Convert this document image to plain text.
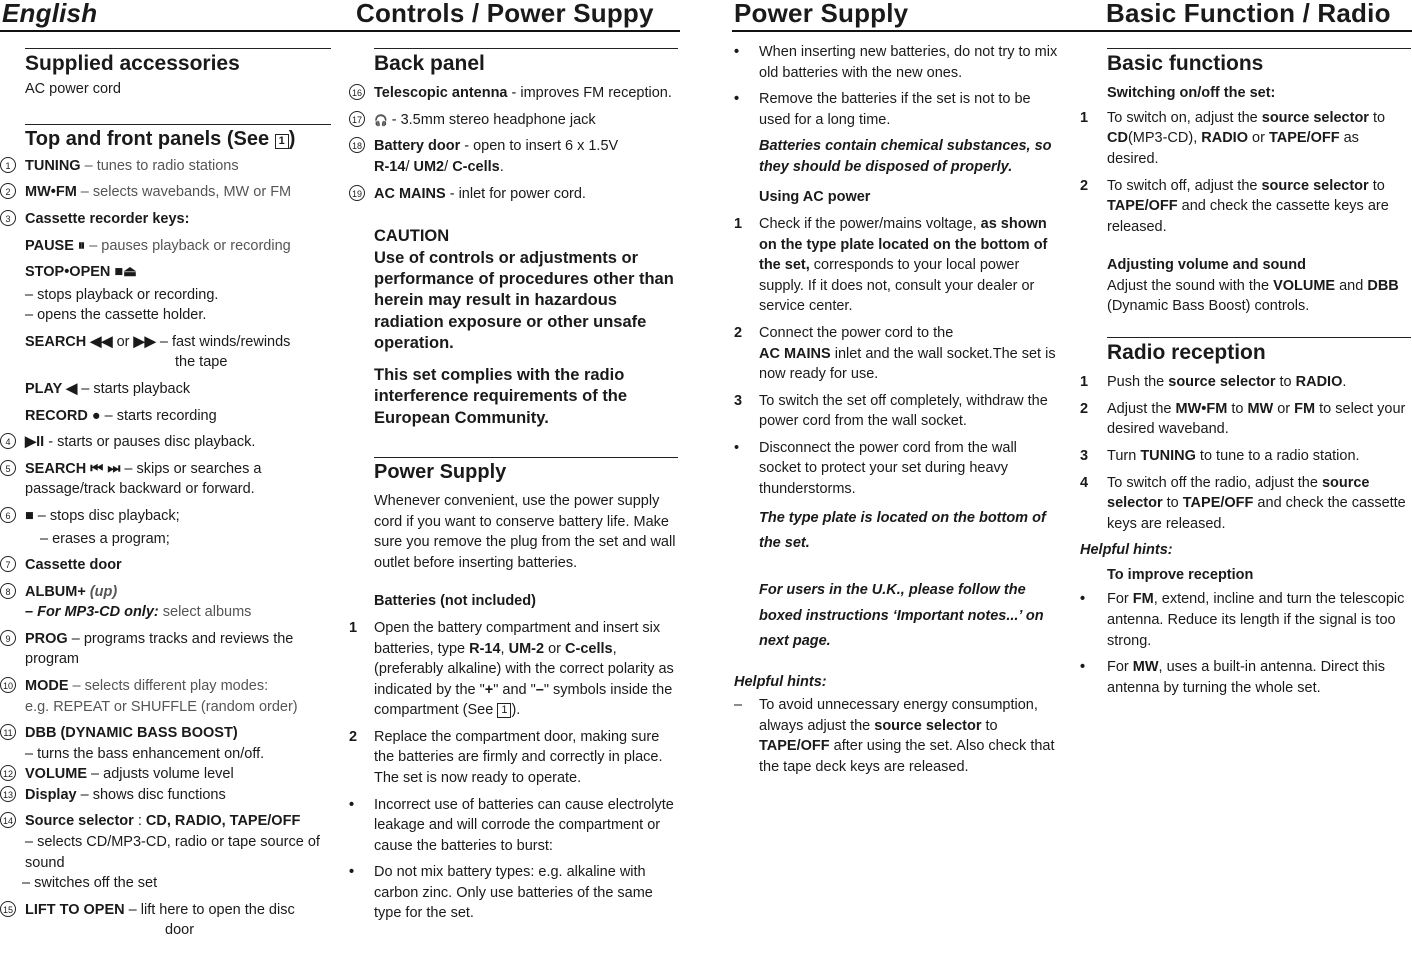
English	Controls / Power Suppy	Power Supply	Basic Function / Radio
Supplied accessories
AC power cord
Top and front panels (See 1 )
1	TUNING – tunes to radio stations
2	MW•FM – selects wavebands, MW or FM
3	Cassette recorder keys:
PAUSE ⏸ – pauses playback or recording
STOP•OPEN ■⏏
– stops playback or recording.
– opens the cassette holder.
SEARCH ◀◀ or ▶▶ – fast winds/rewinds
the tape
PLAY ◀ – starts playback
RECORD ● – starts recording
4	▶II - starts or pauses disc playback.
5	SEARCH ⏮ ⏭ – skips or searches a passage/track backward or forward.
6	■ – stops disc playback;
– erases a program;
7	Cassette door
8	ALBUM+ (up)
– For MP3-CD only: select albums
9	PROG – programs tracks and reviews the program
10 MODE – selects different play modes:
e.g. REPEAT or SHUFFLE (random order)
11 DBB (DYNAMIC BASS BOOST)
– turns the bass enhancement on/off.
12 VOLUME – adjusts volume level
13 Display – shows disc functions
14 Source selector : CD, RADIO, TAPE/OFF
– selects CD/MP3-CD, radio or tape source of sound
– switches off the set
15 LIFT TO OPEN – lift here to open the disc
door
Back panel
16 Telescopic antenna - improves FM reception.
17 🎧 - 3.5mm stereo headphone jack
18 Battery door - open to insert 6 x 1.5V
R-14/ UM2/ C-cells.
19 AC MAINS - inlet for power cord.
CAUTION
Use of controls or adjustments or performance of procedures other than herein may result in hazardous radiation exposure or other unsafe operation.
This set complies with the radio interference requirements of the European Community.
Power Supply
Whenever convenient, use the power supply cord if you want to conserve battery life. Make sure you remove the plug from the set and wall outlet before inserting batteries.
Batteries (not included)
1 Open the battery compartment and insert six batteries, type R-14, UM-2 or C-cells, (preferably alkaline) with the correct polarity as indicated by the "+" and "–" symbols inside the compartment (See 1 ).
2 Replace the compartment door, making sure the batteries are firmly and correctly in place. The set is now ready to operate.
• Incorrect use of batteries can cause electrolyte leakage and will corrode the compartment or cause the batteries to burst:
• Do not mix battery types: e.g. alkaline with carbon zinc. Only use batteries of the same type for the set.
• When inserting new batteries, do not try to mix old batteries with the new ones.
• Remove the batteries if the set is not to be used for a long time.
Batteries contain chemical substances, so they should be disposed of properly.
Using AC power
1 Check if the power/mains voltage, as shown on the type plate located on the bottom of the set, corresponds to your local power supply. If it does not, consult your dealer or service center.
2 Connect the power cord to the
AC MAINS inlet and the wall socket.The set is now ready for use.
3 To switch the set off completely, withdraw the power cord from the wall socket.
• Disconnect the power cord from the wall socket to protect your set during heavy thunderstorms.
The type plate is located on the bottom of the set.
For users in the U.K., please follow the boxed instructions ‘Important notes...’ on next page.
Helpful hints:
– To avoid unnecessary energy consumption, always adjust the source selector to TAPE/OFF after using the set. Also check that the tape deck keys are released.
Basic functions
Switching on/off the set:
1 To switch on, adjust the source selector to CD(MP3-CD), RADIO or TAPE/OFF as desired.
2 To switch off, adjust the source selector to TAPE/OFF and check the cassette keys are released.
Adjusting volume and sound
Adjust the sound with the VOLUME and DBB (Dynamic Bass Boost) controls.
Radio reception
1 Push the source selector to RADIO.
2 Adjust the MW•FM to MW or FM to select your desired waveband.
3 Turn TUNING to tune to a radio station.
4 To switch off the radio, adjust the source selector to TAPE/OFF and check the cassette keys are released.
Helpful hints:
To improve reception
• For FM, extend, incline and turn the telescopic antenna. Reduce its length if the signal is too strong.
• For MW, uses a built-in antenna. Direct this antenna by turning the whole set.
